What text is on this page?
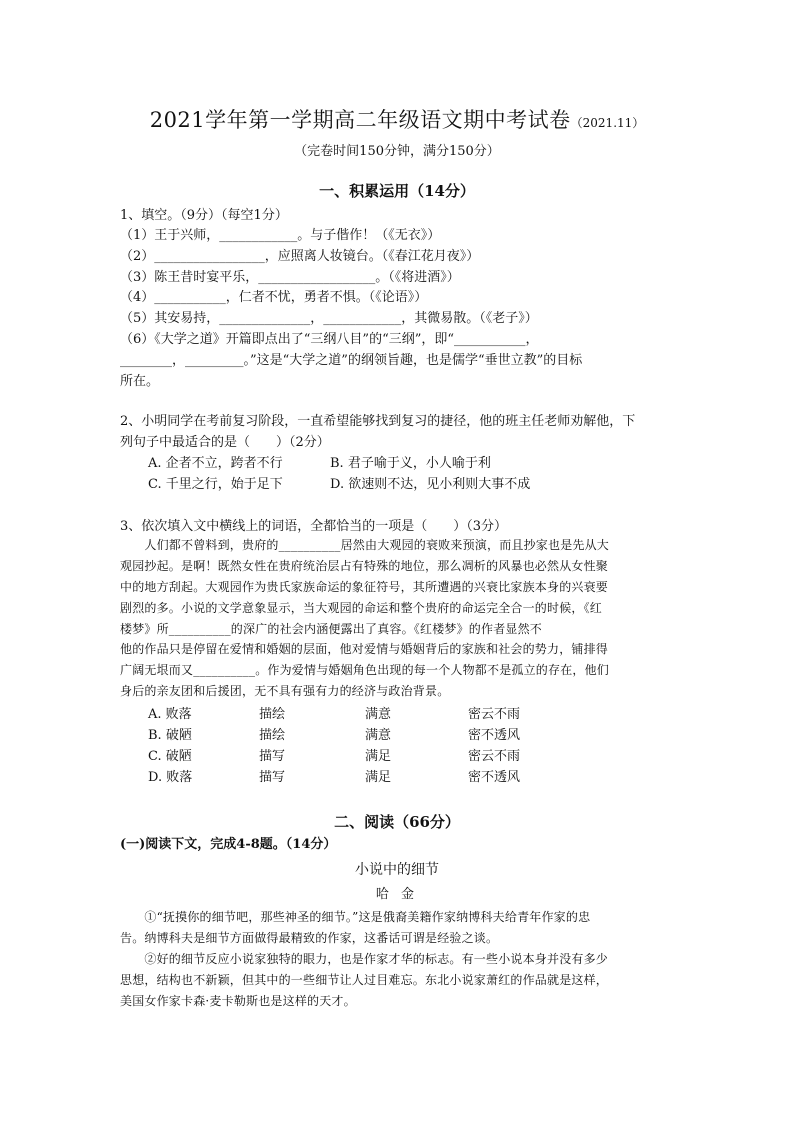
2021学年第一学期高二年级语文期中考试卷（2021.11）
（完卷时间150分钟，满分150分）
一、积累运用（14分）
1、填空。（9分）（每空1分）
（1）王于兴师，____________。与子偕作！（《无衣》）
（2）_________________，应照离人妆镜台。（《春江花月夜》）
（3）陈王昔时宴平乐，__________________。（《将进酒》）
（4）___________，仁者不忧，勇者不惧。（《论语》）
（5）其安易持，______________，____________，其微易散。（《老子》）
（6）《大学之道》开篇即点出了“三纲八目”的“三纲”，即“___________，
________，_________。”这是“大学之道”的纲领旨趣，也是儒学“垂世立教”的目标
所在。
2、小明同学在考前复习阶段，一直希望能够找到复习的捷径，他的班主任老师劝解他，下
列句子中最适合的是（　　）（2分）
A. 企者不立，跨者不行	B. 君子喻于义，小人喻于利
C. 千里之行，始于足下	D. 欲速则不达，见小利则大事不成
3、依次填入文中横线上的词语，全都恰当的一项是（　　）（3分）
　　人们都不曾料到，贵府的__________居然由大观园的衰败来预演，而且抄家也是先从大
观园抄起。是啊！既然女性在贵府统治层占有特殊的地位，那么凋析的风暴也必然从女性聚
中的地方刮起。大观园作为贵氏家族命运的象征符号，其所遭遇的兴衰比家族本身的兴衰要
剧烈的多。小说的文学意象显示，当大观园的命运和整个贵府的命运完全合一的时候，《红
楼梦》所__________的深广的社会内涵便露出了真容。《红楼梦》的作者显然不
他的作品只是停留在爱情和婚姻的层面，他对爱情与婚姻背后的家族和社会的势力，铺排得
广阔无垠而又__________。作为爱情与婚姻角色出现的每一个人物都不是孤立的存在，他们
身后的亲友团和后援团，无不具有强有力的经济与政治背景。
A. 败落	描绘	满意	密云不雨
B. 破陋	描绘	满意	密不透风
C. 破陋	描写	满足	密云不雨
D. 败落	描写	满足	密不透风
二、阅读（66分）
(一)阅读下文，完成4-8题。（14分）
小说中的细节
哈 金
　　①“抚摸你的细节吧，那些神圣的细节。”这是俄裔美籍作家纳博科夫给青年作家的忠
告。纳博科夫是细节方面做得最精致的作家，这番话可谓是经验之谈。
　　②好的细节反应小说家独特的眼力，也是作家才华的标志。有一些小说本身并没有多少
思想，结构也不新颖，但其中的一些细节让人过目难忘。东北小说家萧红的作品就是这样，
美国女作家卡森·麦卡勒斯也是这样的天才。
